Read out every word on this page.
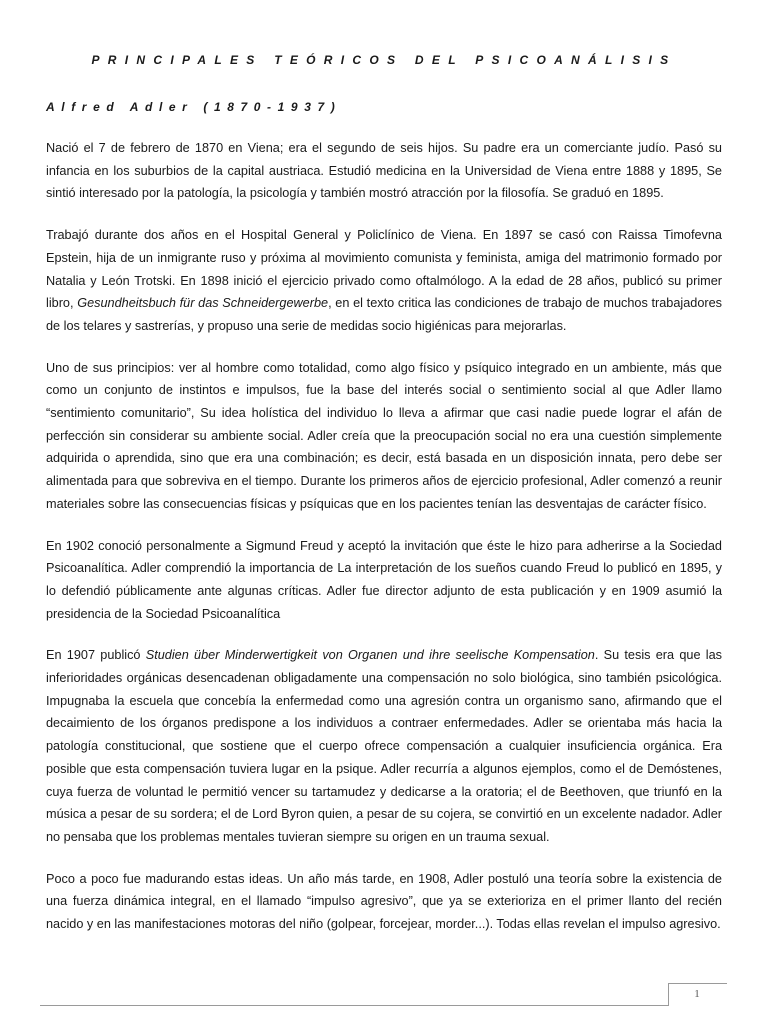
PRINCIPALES TEÓRICOS DEL PSICOANÁLISIS
Alfred Adler (1870-1937)

Nació el 7 de febrero de 1870 en Viena; era el segundo de seis hijos. Su padre era un comerciante judío. Pasó su infancia en los suburbios de la capital austriaca. Estudió medicina en la Universidad de Viena entre 1888 y 1895, Se sintió interesado por la patología, la psicología y también mostró atracción por la filosofía. Se graduó en 1895.

Trabajó durante dos años en el Hospital General y Policlínico de Viena. En 1897 se casó con Raissa Timofevna Epstein, hija de un inmigrante ruso y próxima al movimiento comunista y feminista, amiga del matrimonio formado por Natalia y León Trotski. En 1898 inició el ejercicio privado como oftalmólogo. A la edad de 28 años, publicó su primer libro, Gesundheitsbuch für das Schneidergewerbe, en el texto critica las condiciones de trabajo de muchos trabajadores de los telares y sastrerías, y propuso una serie de medidas socio higiénicas para mejorarlas.

Uno de sus principios: ver al hombre como totalidad, como algo físico y psíquico integrado en un ambiente, más que como un conjunto de instintos e impulsos, fue la base del interés social o sentimiento social al que Adler llamo “sentimiento comunitario”, Su idea holística del individuo lo lleva a afirmar que casi nadie puede lograr el afán de perfección sin considerar su ambiente social. Adler creía que la preocupación social no era una cuestión simplemente adquirida o aprendida, sino que era una combinación; es decir, está basada en un disposición innata, pero debe ser alimentada para que sobreviva en el tiempo. Durante los primeros años de ejercicio profesional, Adler comenzó a reunir materiales sobre las consecuencias físicas y psíquicas que en los pacientes tenían las desventajas de carácter físico.

En 1902 conoció personalmente a Sigmund Freud y aceptó la invitación que éste le hizo para adherirse a la Sociedad Psicoanalítica. Adler comprendió la importancia de La interpretación de los sueños cuando Freud lo publicó en 1895, y lo defendió públicamente ante algunas críticas. Adler fue director adjunto de esta publicación y en 1909 asumió la presidencia de la Sociedad Psicoanalítica

En 1907 publicó Studien über Minderwertigkeit von Organen und ihre seelische Kompensation. Su tesis era que las inferioridades orgánicas desencadenan obligadamente una compensación no solo biológica, sino también psicológica. Impugnaba la escuela que concebía la enfermedad como una agresión contra un organismo sano, afirmando que el decaimiento de los órganos predispone a los individuos a contraer enfermedades. Adler se orientaba más hacia la patología constitucional, que sostiene que el cuerpo ofrece compensación a cualquier insuficiencia orgánica. Era posible que esta compensación tuviera lugar en la psique. Adler recurría a algunos ejemplos, como el de Demóstenes, cuya fuerza de voluntad le permitió vencer su tartamudez y dedicarse a la oratoria; el de Beethoven, que triunfó en la música a pesar de su sordera; el de Lord Byron quien, a pesar de su cojera, se convirtió en un excelente nadador. Adler no pensaba que los problemas mentales tuvieran siempre su origen en un trauma sexual.

Poco a poco fue madurando estas ideas. Un año más tarde, en 1908, Adler postuló una teoría sobre la existencia de una fuerza dinámica integral, en el llamado “impulso agresivo”, que ya se exterioriza en el primer llanto del recién nacido y en las manifestaciones motoras del niño (golpear, forcejear, morder...). Todas ellas revelan el impulso agresivo.

1
